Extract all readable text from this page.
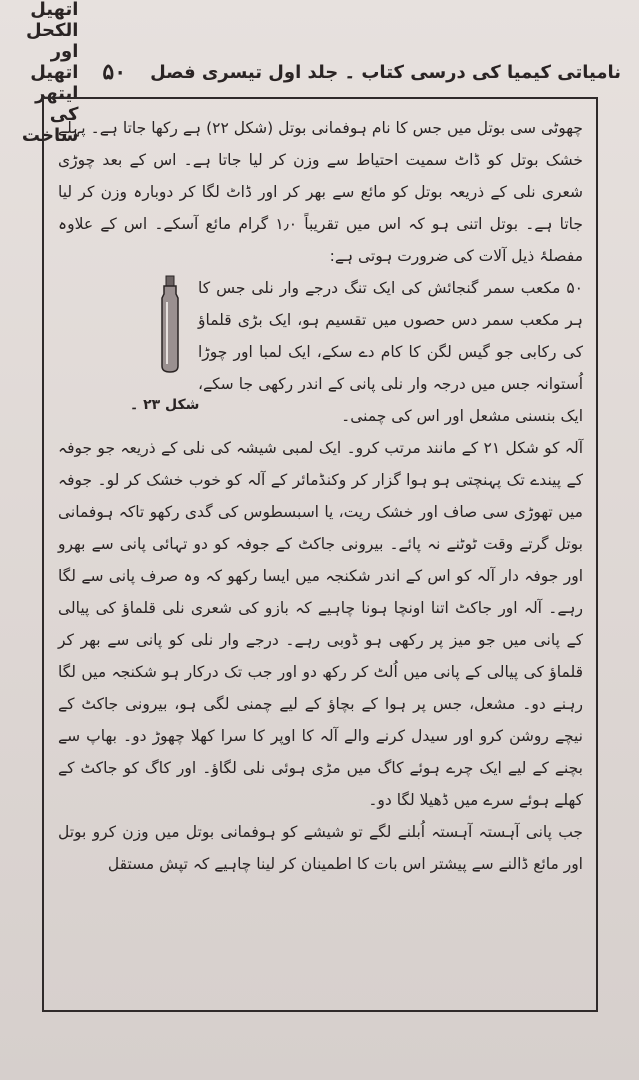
نامیاتی کیمیا کی درسی کتاب ۔ جلد اول تیسری فصل
۵۰
اتھیل الکحل اور اتھیل ایتھر کی ساخت
شکل ۲۳ ۔

چھوٹی سی بوتل میں جس کا نام ہوفمانی بوتل (شکل ۲۲) ہے رکھا جاتا ہے۔ پہلے خشک بوتل کو ڈاٹ سمیت احتیاط سے وزن کر لیا جاتا ہے۔ اس کے بعد چوڑی شعری نلی کے ذریعہ بوتل کو مائع سے بھر کر اور ڈاٹ لگا کر دوبارہ وزن کر لیا جاتا ہے۔ بوتل اتنی ہو کہ اس میں تقریباً ۱٫۰ گرام مائع آسکے۔ اس کے علاوہ مفصلۂ ذیل آلات کی ضرورت ہوتی ہے:

۵۰ مکعب سمر گنجائش کی ایک تنگ درجے وار نلی جس کا ہر مکعب سمر دس حصوں میں تقسیم ہو، ایک بڑی قلماؤ کی رکابی جو گیس لگن کا کام دے سکے، ایک لمبا اور چوڑا اُستوانہ جس میں درجہ وار نلی پانی کے اندر رکھی جا سکے، ایک بنسنی مشعل اور اس کی چمنی۔

آلہ کو شکل ۲۱ کے مانند مرتب کرو۔ ایک لمبی شیشہ کی نلی کے ذریعہ جو جوفہ کے پیندے تک پہنچتی ہو ہوا گزار کر وکنڈمائر کے آلہ کو خوب خشک کر لو۔ جوفہ میں تھوڑی سی صاف اور خشک ریت، یا اسبسطوس کی گدی رکھو تاکہ ہوفمانی بوتل گرتے وقت ٹوٹنے نہ پائے۔ بیرونی جاکٹ کے جوفہ کو دو تہائی پانی سے بھرو اور جوفہ دار آلہ کو اس کے اندر شکنجہ میں ایسا رکھو کہ وہ صرف پانی سے لگا رہے۔ آلہ اور جاکٹ اتنا اونچا ہونا چاہیے کہ بازو کی شعری نلی قلماؤ کی پیالی کے پانی میں جو میز پر رکھی ہو ڈوبی رہے۔ درجے وار نلی کو پانی سے بھر کر قلماؤ کی پیالی کے پانی میں اُلٹ کر رکھ دو اور جب تک درکار ہو شکنجہ میں لگا رہنے دو۔ مشعل، جس پر ہوا کے بچاؤ کے لیے چمنی لگی ہو، بیرونی جاکٹ کے نیچے روشن کرو اور سیدل کرنے والے آلہ کا اوپر کا سرا کھلا چھوڑ دو۔ بھاپ سے بچنے کے لیے ایک چرے ہوئے کاگ میں مڑی ہوئی نلی لگاؤ۔ اور کاگ کو جاکٹ کے کھلے ہوئے سرے میں ڈھیلا لگا دو۔

جب پانی آہستہ آہستہ اُبلنے لگے تو شیشے کو ہوفمانی بوتل میں وزن کرو بوتل اور مائع ڈالنے سے پیشتر اس بات کا اطمینان کر لینا چاہیے کہ تپش مستقل
